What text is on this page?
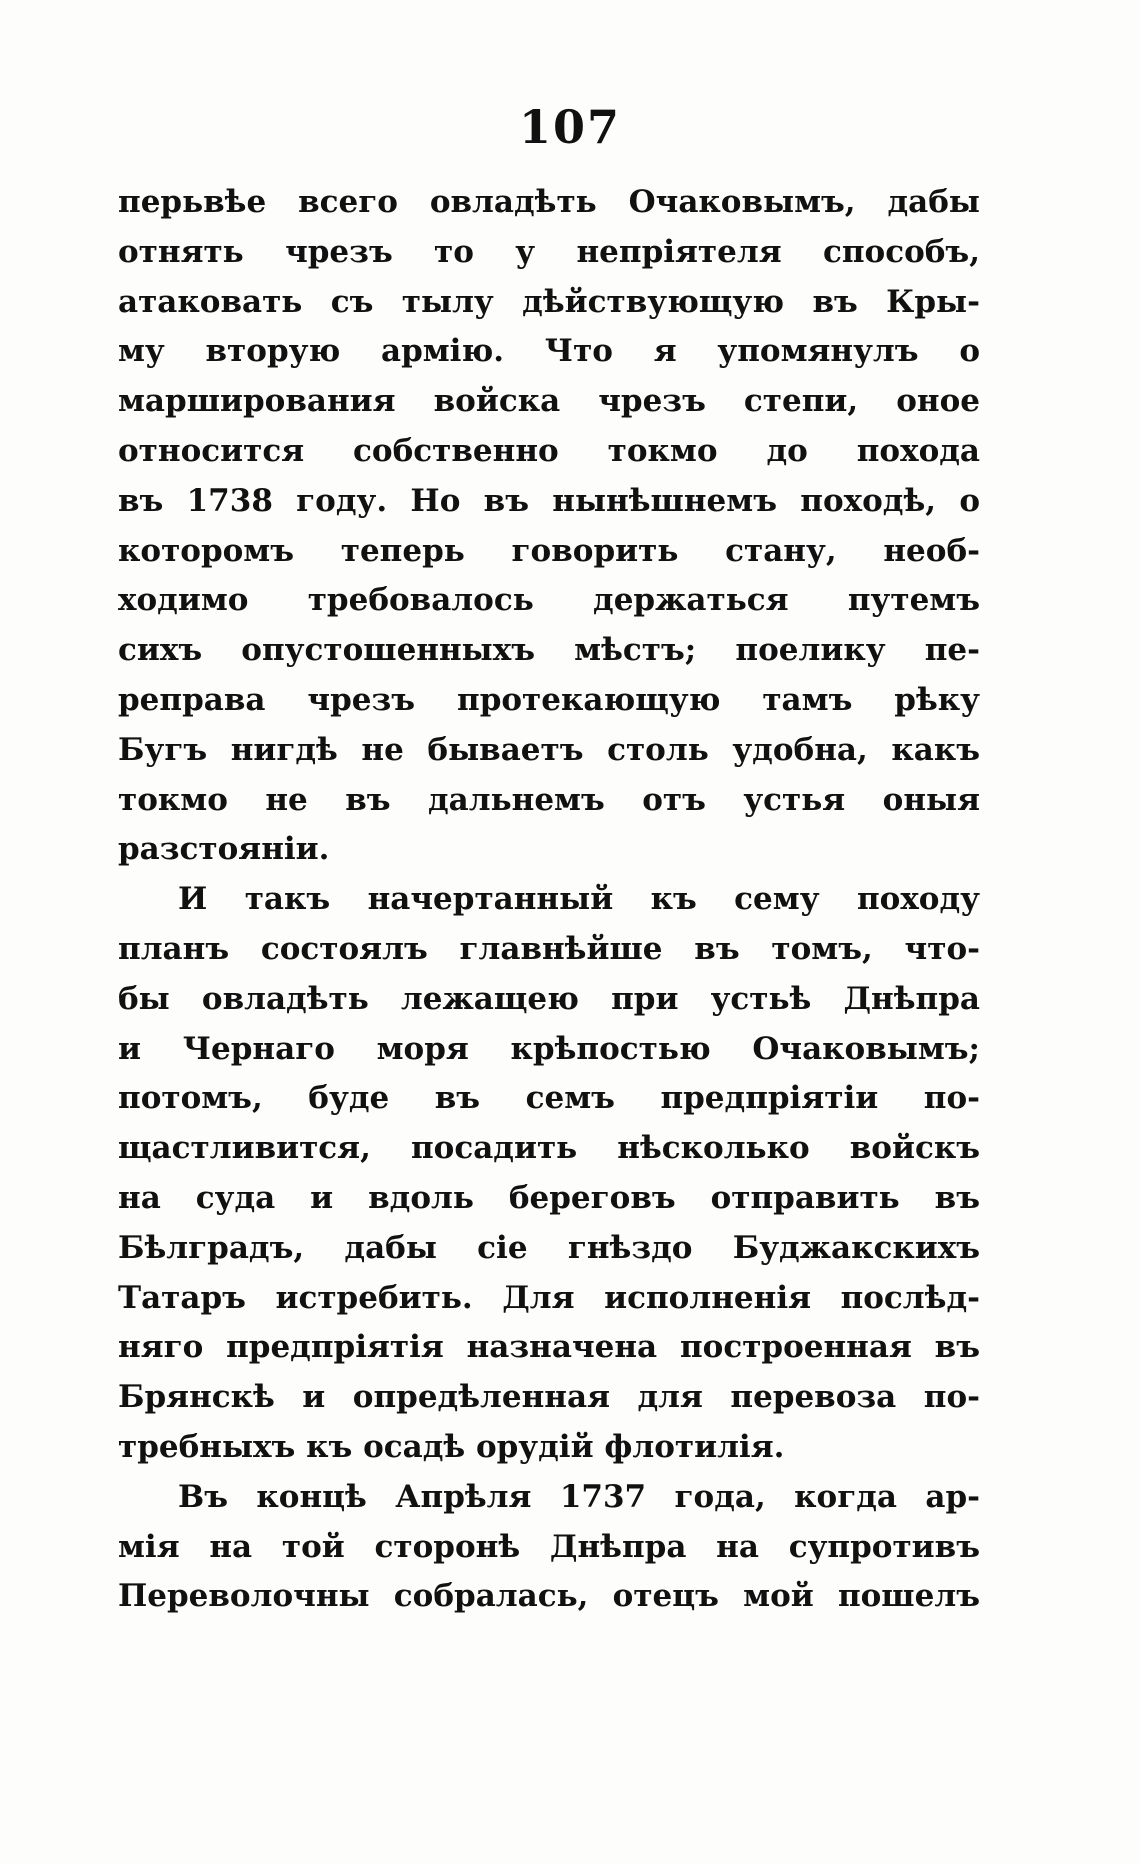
107
перьвѣе всего овладѣть Очаковымъ, дабы
отнять чрезъ то у непріятеля способъ,
атаковать съ тылу дѣйствующую въ Кры-
му вторую армію. Что я упомянулъ о
марширования войска чрезъ степи, оное
относится собственно токмо до похода
въ 1738 году. Но въ нынѣшнемъ походѣ, о
которомъ теперь говорить стану, необ-
ходимо требовалось держаться путемъ
сихъ опустошенныхъ мѣстъ; поелику пе-
реправа чрезъ протекающую тамъ рѣку
Бугъ нигдѣ не бываетъ столь удобна, какъ
токмо не въ дальнемъ отъ устья оныя
разстояніи.
И такъ начертанный къ сему походу
планъ состоялъ главнѣйше въ томъ, что-
бы овладѣть лежащею при устьѣ Днѣпра
и Чернаго моря крѣпостью Очаковымъ;
потомъ, буде въ семъ предпріятіи по-
щастливится, посадить нѣсколько войскъ
на суда и вдоль береговъ отправить въ
Бѣлградъ, дабы сіе гнѣздо Буджакскихъ
Татаръ истребить. Для исполненія послѣд-
няго предпріятія назначена построенная въ
Брянскѣ и опредѣленная для перевоза по-
требныхъ къ осадѣ орудій флотилія.
Въ концѣ Апрѣля 1737 года, когда ар-
мія на той сторонѣ Днѣпра на супротивъ
Переволочны собралась, отецъ мой пошелъ
